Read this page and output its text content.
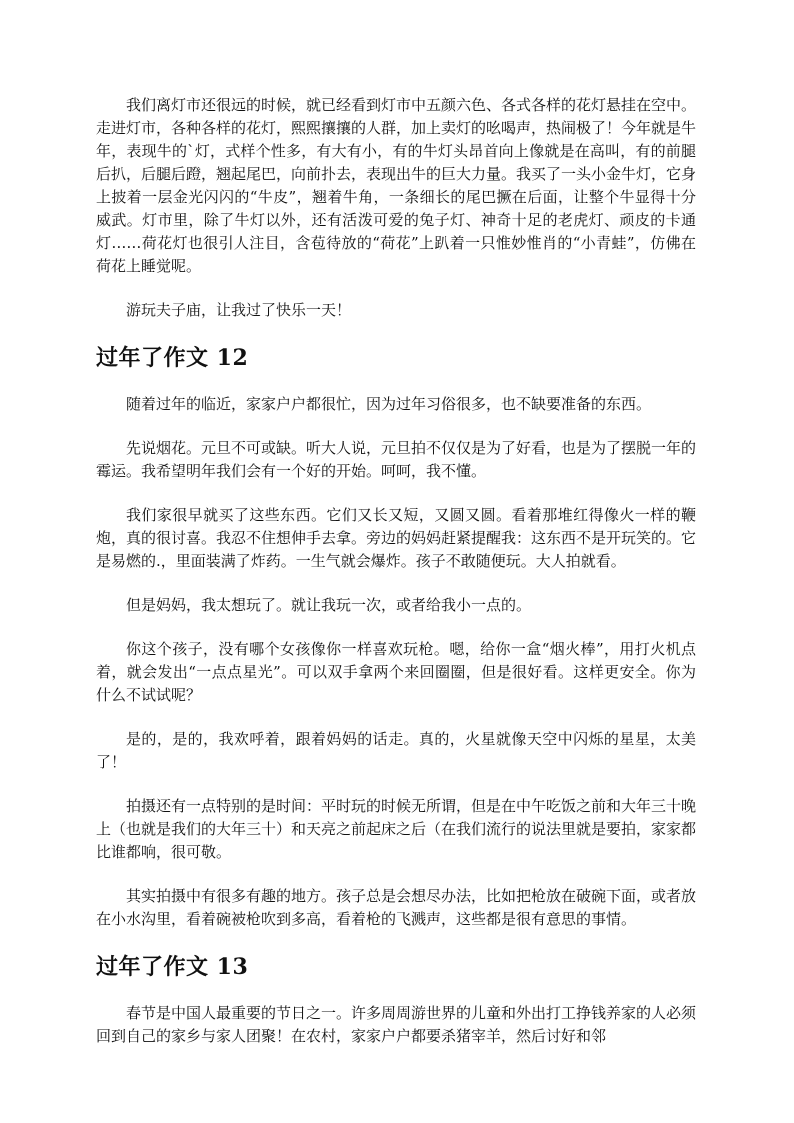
我们离灯市还很远的时候，就已经看到灯市中五颜六色、各式各样的花灯悬挂在空中。走进灯市，各种各样的花灯，熙熙攘攘的人群，加上卖灯的吆喝声，热闹极了！今年就是牛年，表现牛的`灯，式样个性多，有大有小，有的牛灯头昂首向上像就是在高叫，有的前腿后扒，后腿后蹬，翘起尾巴，向前扑去，表现出牛的巨大力量。我买了一头小金牛灯，它身上披着一层金光闪闪的“牛皮”，翘着牛角，一条细长的尾巴撅在后面，让整个牛显得十分威武。灯市里，除了牛灯以外，还有活泼可爱的兔子灯、神奇十足的老虎灯、顽皮的卡通灯……荷花灯也很引人注目，含苞待放的“荷花”上趴着一只惟妙惟肖的“小青蛙”，仿佛在荷花上睡觉呢。

游玩夫子庙，让我过了快乐一天！

过年了作文 12

随着过年的临近，家家户户都很忙，因为过年习俗很多，也不缺要准备的东西。

先说烟花。元旦不可或缺。听大人说，元旦拍不仅仅是为了好看，也是为了摆脱一年的霉运。我希望明年我们会有一个好的开始。呵呵，我不懂。

我们家很早就买了这些东西。它们又长又短，又圆又圆。看着那堆红得像火一样的鞭炮，真的很讨喜。我忍不住想伸手去拿。旁边的妈妈赶紧提醒我：这东西不是开玩笑的。它是易燃的.，里面装满了炸药。一生气就会爆炸。孩子不敢随便玩。大人拍就看。

但是妈妈，我太想玩了。就让我玩一次，或者给我小一点的。

你这个孩子，没有哪个女孩像你一样喜欢玩枪。嗯，给你一盒“烟火棒”，用打火机点着，就会发出“一点点星光”。可以双手拿两个来回圈圈，但是很好看。这样更安全。你为什么不试试呢？

是的，是的，我欢呼着，跟着妈妈的话走。真的，火星就像天空中闪烁的星星，太美了！

拍摄还有一点特别的是时间：平时玩的时候无所谓，但是在中午吃饭之前和大年三十晚上（也就是我们的大年三十）和天亮之前起床之后（在我们流行的说法里就是要拍，家家都比谁都响，很可敬。

其实拍摄中有很多有趣的地方。孩子总是会想尽办法，比如把枪放在破碗下面，或者放在小水沟里，看着碗被枪吹到多高，看着枪的飞溅声，这些都是很有意思的事情。

过年了作文 13

春节是中国人最重要的节日之一。许多周周游世界的儿童和外出打工挣钱养家的人必须回到自己的家乡与家人团聚！在农村，家家户户都要杀猪宰羊，然后讨好和邻
